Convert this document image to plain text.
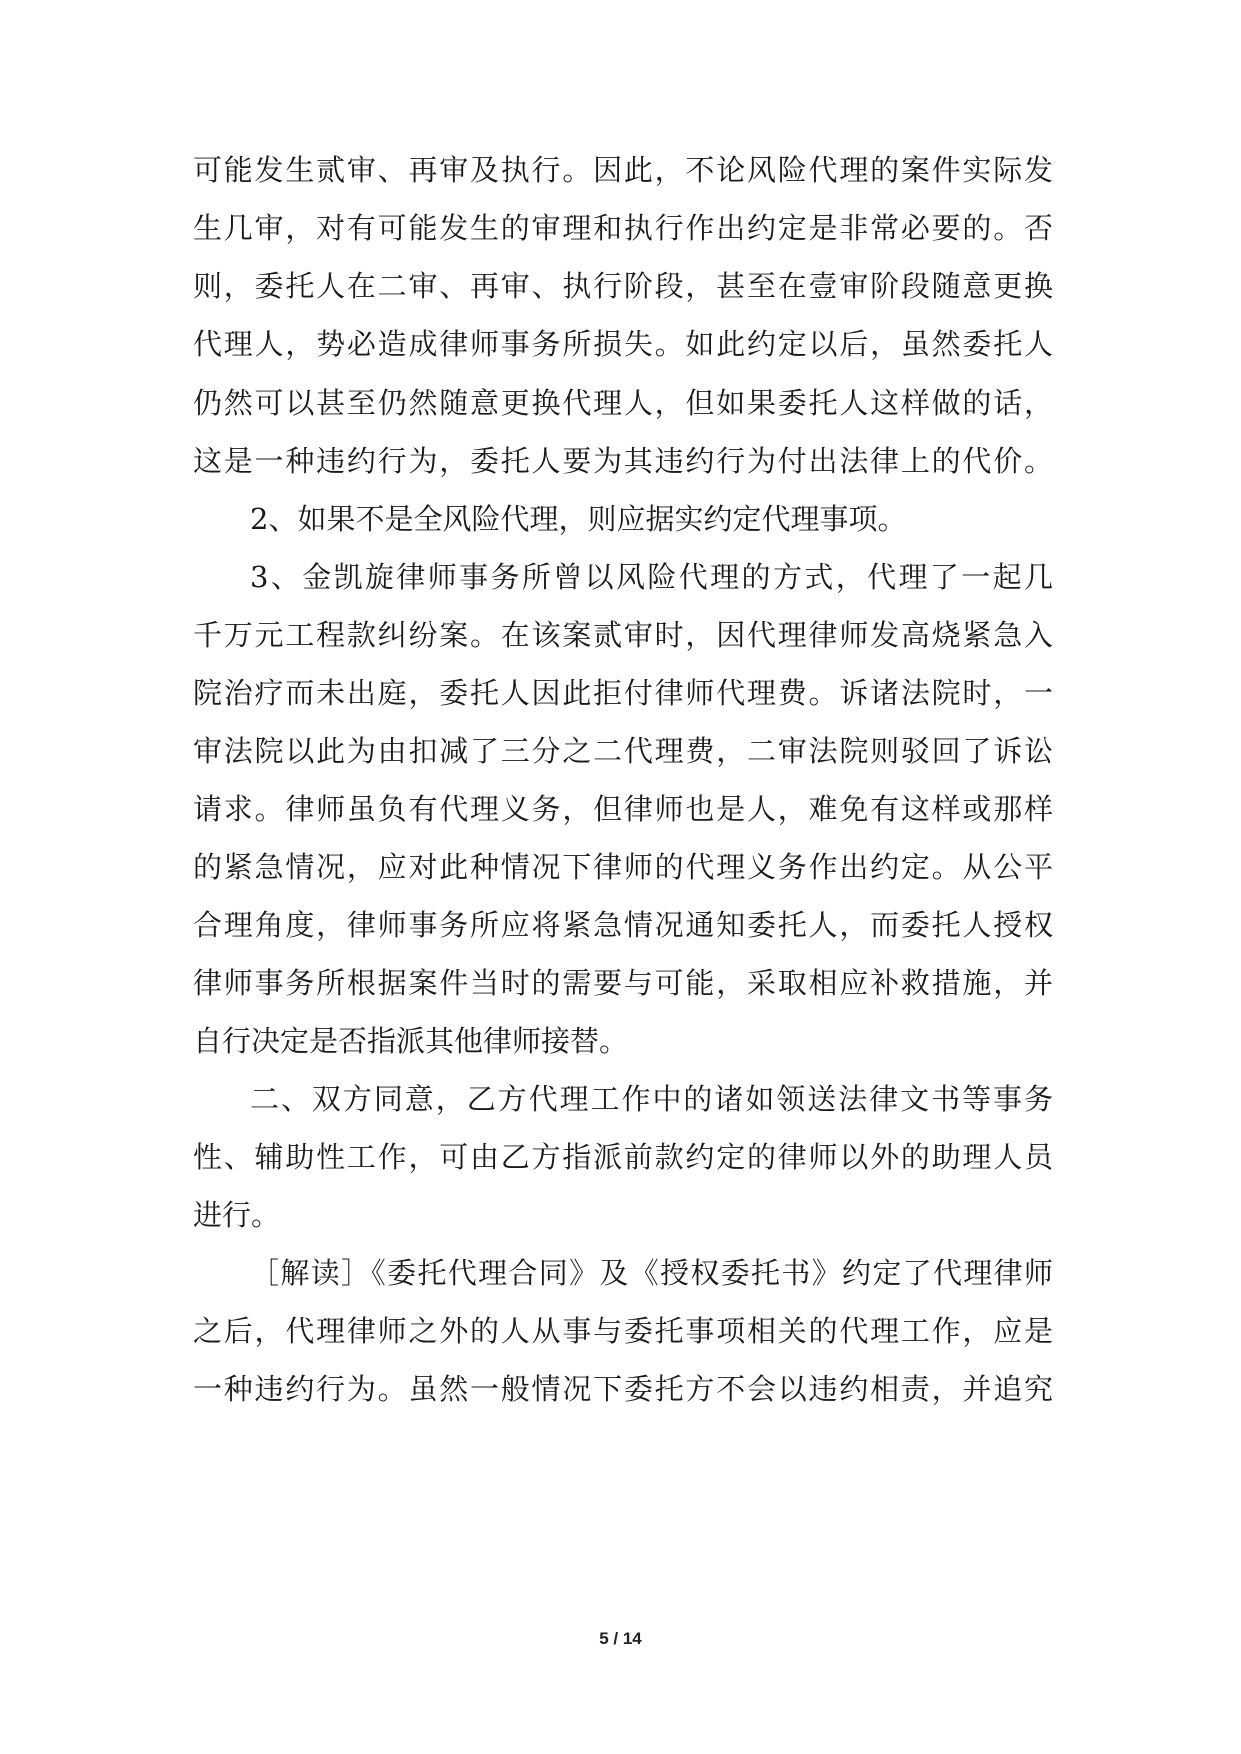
可能发生贰审、再审及执行。因此，不论风险代理的案件实际发
生几审，对有可能发生的审理和执行作出约定是非常必要的。否
则，委托人在二审、再审、执行阶段，甚至在壹审阶段随意更换
代理人，势必造成律师事务所损失。如此约定以后，虽然委托人
仍然可以甚至仍然随意更换代理人，但如果委托人这样做的话，
这是一种违约行为，委托人要为其违约行为付出法律上的代价。
2、如果不是全风险代理，则应据实约定代理事项。
3、金凯旋律师事务所曾以风险代理的方式，代理了一起几
千万元工程款纠纷案。在该案贰审时，因代理律师发高烧紧急入
院治疗而未出庭，委托人因此拒付律师代理费。诉诸法院时，一
审法院以此为由扣减了三分之二代理费，二审法院则驳回了诉讼
请求。律师虽负有代理义务，但律师也是人，难免有这样或那样
的紧急情况，应对此种情况下律师的代理义务作出约定。从公平
合理角度，律师事务所应将紧急情况通知委托人，而委托人授权
律师事务所根据案件当时的需要与可能，采取相应补救措施，并
自行决定是否指派其他律师接替。
二、双方同意，乙方代理工作中的诸如领送法律文书等事务
性、辅助性工作，可由乙方指派前款约定的律师以外的助理人员
进行。
［解读］《委托代理合同》及《授权委托书》约定了代理律师
之后，代理律师之外的人从事与委托事项相关的代理工作，应是
一种违约行为。虽然一般情况下委托方不会以违约相责，并追究
5 / 14
